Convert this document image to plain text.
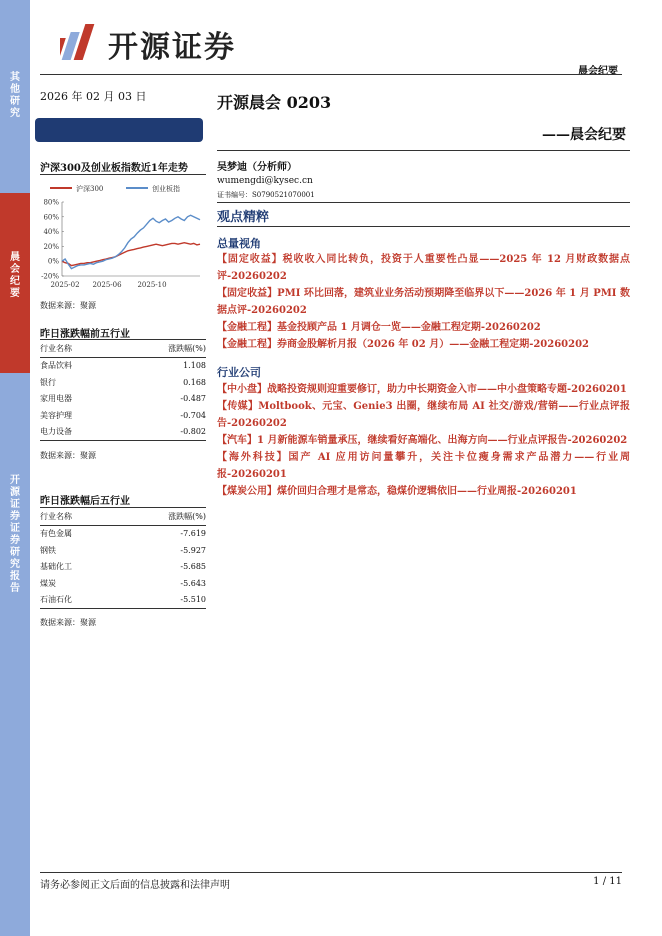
其
他
研
究
晨
会
纪
要
开
源
证
券
证
券
研
究
报
告
开源证券
晨会纪要
2026 年 02 月 03 日
沪深300及创业板指数近1年走势
沪深300	创业板指
80%
60%
40%
20%
0%
-20%
2025-02 2025-06 2025-10
数据来源：聚源
昨日涨跌幅前五行业
行业名称	涨跌幅(%)
食品饮料	1.108
银行	0.168
家用电器	-0.487
美容护理	-0.704
电力设备	-0.802
数据来源：聚源
昨日涨跌幅后五行业
行业名称	涨跌幅(%)
有色金属	-7.619
钢铁	-5.927
基础化工	-5.685
煤炭	-5.643
石油石化	-5.510
数据来源：聚源
开源晨会 0203
——晨会纪要
吴梦迪（分析师）
wumengdi@kysec.cn
证书编号：S0790521070001
观点精粹
总量视角
【固定收益】税收收入同比转负，投资于人重要性凸显——2025 年 12 月财政数据点评-20260202
【固定收益】PMI 环比回落，建筑业业务活动预期降至临界以下——2026 年 1 月 PMI 数据点评-20260202
【金融工程】基金投顾产品 1 月调仓一览——金融工程定期-20260202
【金融工程】券商金股解析月报（2026 年 02 月）——金融工程定期-20260202
行业公司
【中小盘】战略投资规则迎重要修订，助力中长期资金入市——中小盘策略专题-20260201
【传媒】Moltbook、元宝、Genie3 出圈，继续布局 AI 社交/游戏/营销——行业点评报告-20260202
【汽车】1 月新能源车销量承压，继续看好高端化、出海方向——行业点评报告-20260202
【海外科技】国产 AI 应用访问量攀升，关注卡位瘦身需求产品潜力——行业周报-20260201
【煤炭公用】煤价回归合理才是常态，稳煤价逻辑依旧——行业周报-20260201
请务必参阅正文后面的信息披露和法律声明	1 / 11
